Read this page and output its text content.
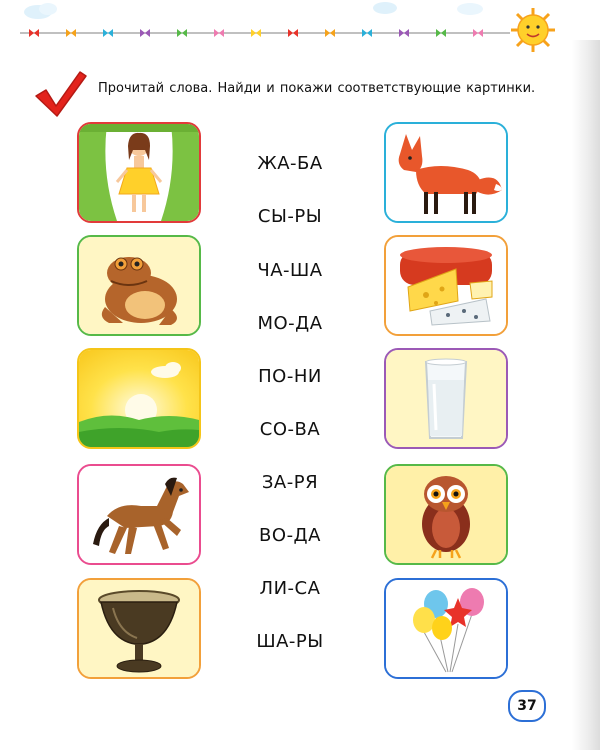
Прочитай слова. Найди и покажи соответствующие картинки.
ЖА-БА
СЫ-РЫ
ЧА-ША
МО-ДА
ПО-НИ
СО-ВА
ЗА-РЯ
ВО-ДА
ЛИ-СА
ША-РЫ
37
